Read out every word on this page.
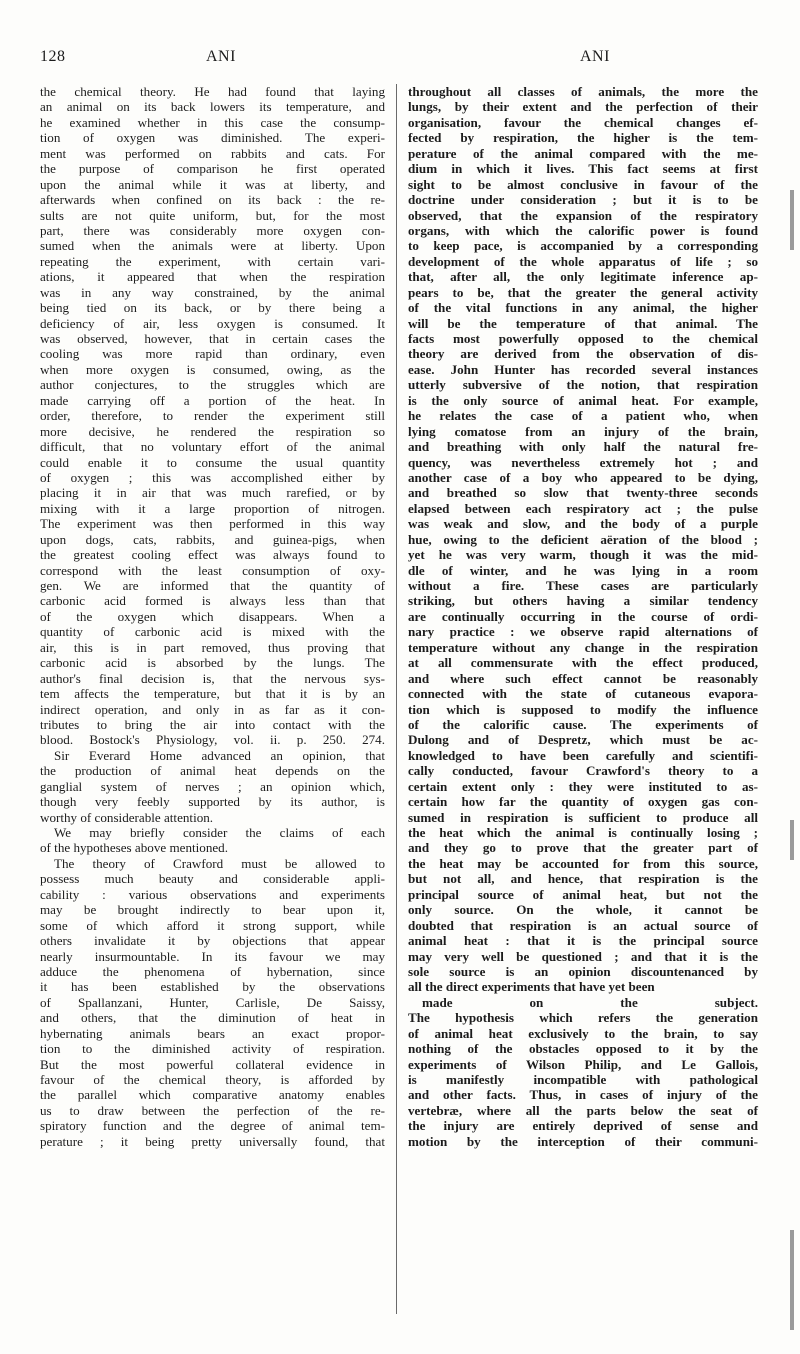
128	ANI	ANI
the chemical theory. He had found that laying
an animal on its back lowers its temperature, and
he examined whether in this case the consump-
tion of oxygen was diminished. The experi-
ment was performed on rabbits and cats. For
the purpose of comparison he first operated
upon the animal while it was at liberty, and
afterwards when confined on its back : the re-
sults are not quite uniform, but, for the most
part, there was considerably more oxygen con-
sumed when the animals were at liberty. Upon
repeating the experiment, with certain vari-
ations, it appeared that when the respiration
was in any way constrained, by the animal
being tied on its back, or by there being a
deficiency of air, less oxygen is consumed. It
was observed, however, that in certain cases the
cooling was more rapid than ordinary, even
when more oxygen is consumed, owing, as the
author conjectures, to the struggles which are
made carrying off a portion of the heat. In
order, therefore, to render the experiment still
more decisive, he rendered the respiration so
difficult, that no voluntary effort of the animal
could enable it to consume the usual quantity
of oxygen ; this was accomplished either by
placing it in air that was much rarefied, or by
mixing with it a large proportion of nitrogen.
The experiment was then performed in this way
upon dogs, cats, rabbits, and guinea-pigs, when
the greatest cooling effect was always found to
correspond with the least consumption of oxy-
gen. We are informed that the quantity of
carbonic acid formed is always less than that
of the oxygen which disappears. When a
quantity of carbonic acid is mixed with the
air, this is in part removed, thus proving that
carbonic acid is absorbed by the lungs. The
author's final decision is, that the nervous sys-
tem affects the temperature, but that it is by an
indirect operation, and only in as far as it con-
tributes to bring the air into contact with the
blood. Bostock's Physiology, vol. ii. p. 250. 274.
Sir Everard Home advanced an opinion, that
the production of animal heat depends on the
ganglial system of nerves ; an opinion which,
though very feebly supported by its author, is
worthy of considerable attention.
We may briefly consider the claims of each
of the hypotheses above mentioned.
The theory of Crawford must be allowed to
possess much beauty and considerable appli-
cability : various observations and experiments
may be brought indirectly to bear upon it,
some of which afford it strong support, while
others invalidate it by objections that appear
nearly insurmountable. In its favour we may
adduce the phenomena of hybernation, since
it has been established by the observations
of Spallanzani, Hunter, Carlisle, De Saissy,
and others, that the diminution of heat in
hybernating animals bears an exact propor-
tion to the diminished activity of respiration.
But the most powerful collateral evidence in
favour of the chemical theory, is afforded by
the parallel which comparative anatomy enables
us to draw between the perfection of the re-
spiratory function and the degree of animal tem-
perature ; it being pretty universally found, that
throughout all classes of animals, the more the
lungs, by their extent and the perfection of their
organisation, favour the chemical changes ef-
fected by respiration, the higher is the tem-
perature of the animal compared with the me-
dium in which it lives. This fact seems at first
sight to be almost conclusive in favour of the
doctrine under consideration ; but it is to be
observed, that the expansion of the respiratory
organs, with which the calorific power is found
to keep pace, is accompanied by a corresponding
development of the whole apparatus of life ; so
that, after all, the only legitimate inference ap-
pears to be, that the greater the general activity
of the vital functions in any animal, the higher
will be the temperature of that animal. The
facts most powerfully opposed to the chemical
theory are derived from the observation of dis-
ease. John Hunter has recorded several instances
utterly subversive of the notion, that respiration
is the only source of animal heat. For example,
he relates the case of a patient who, when
lying comatose from an injury of the brain,
and breathing with only half the natural fre-
quency, was nevertheless extremely hot ; and
another case of a boy who appeared to be dying,
and breathed so slow that twenty-three seconds
elapsed between each respiratory act ; the pulse
was weak and slow, and the body of a purple
hue, owing to the deficient aëration of the blood ;
yet he was very warm, though it was the mid-
dle of winter, and he was lying in a room
without a fire. These cases are particularly
striking, but others having a similar tendency
are continually occurring in the course of ordi-
nary practice : we observe rapid alternations of
temperature without any change in the respiration
at all commensurate with the effect produced,
and where such effect cannot be reasonably
connected with the state of cutaneous evapora-
tion which is supposed to modify the influence
of the calorific cause. The experiments of
Dulong and of Despretz, which must be ac-
knowledged to have been carefully and scientifi-
cally conducted, favour Crawford's theory to a
certain extent only : they were instituted to as-
certain how far the quantity of oxygen gas con-
sumed in respiration is sufficient to produce all
the heat which the animal is continually losing ;
and they go to prove that the greater part of
the heat may be accounted for from this source,
but not all, and hence, that respiration is the
principal source of animal heat, but not the
only source. On the whole, it cannot be
doubted that respiration is an actual source of
animal heat : that it is the principal source
may very well be questioned ; and that it is the
sole source is an opinion discountenanced by
all the direct experiments that have yet been
made on the subject.
The hypothesis which refers the generation
of animal heat exclusively to the brain, to say
nothing of the obstacles opposed to it by the
experiments of Wilson Philip, and Le Gallois,
is manifestly incompatible with pathological
and other facts. Thus, in cases of injury of the
vertebræ, where all the parts below the seat of
the injury are entirely deprived of sense and
motion by the interception of their communi-
